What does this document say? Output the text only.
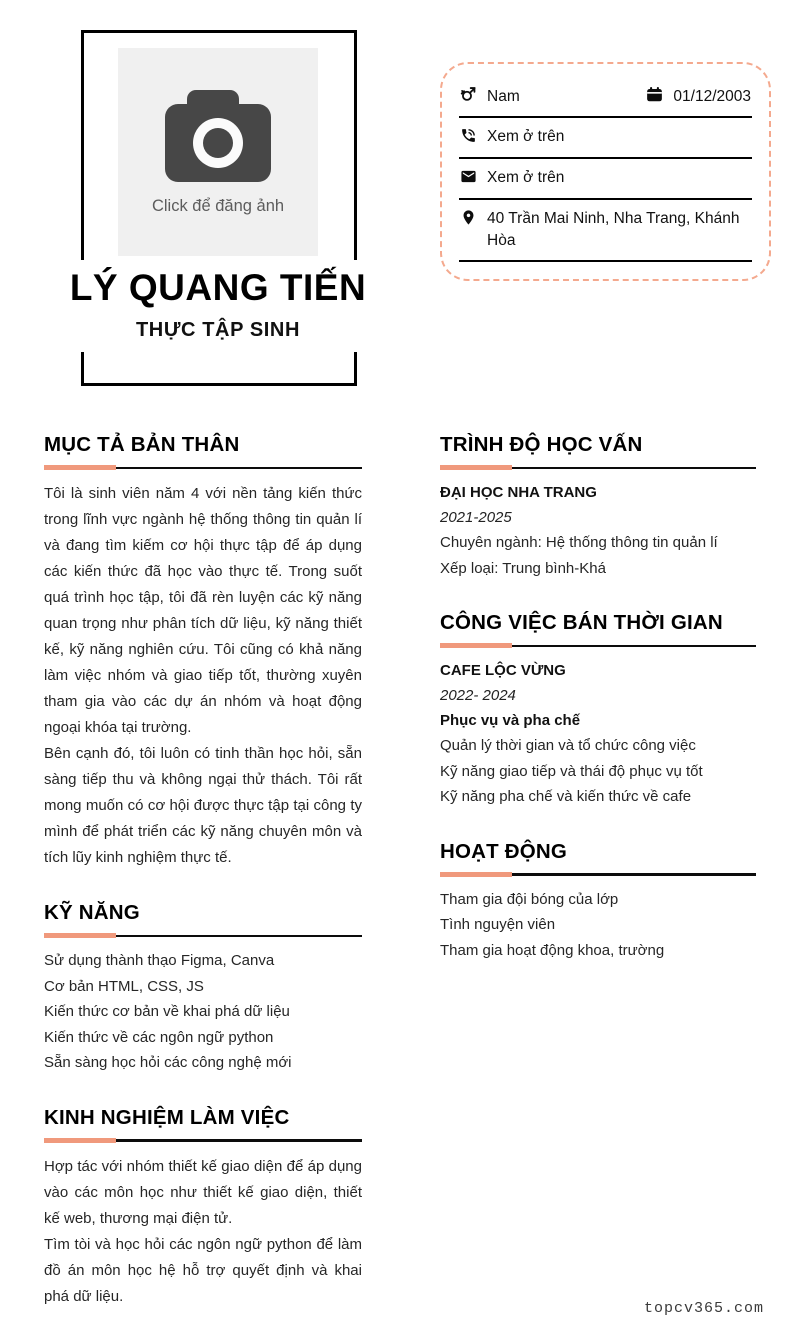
Click để đăng ảnh
LÝ QUANG TIẾN
THỰC TẬP SINH
Nam	01/12/2003
Xem ở trên
Xem ở trên
40 Trần Mai Ninh, Nha Trang, Khánh Hòa
MỤC TẢ BẢN THÂN
Tôi là sinh viên năm 4 với nền tảng kiến thức trong lĩnh vực ngành hệ thống thông tin quản lí và đang tìm kiếm cơ hội thực tập để áp dụng các kiến thức đã học vào thực tế. Trong suốt quá trình học tập, tôi đã rèn luyện các kỹ năng quan trọng như phân tích dữ liệu, kỹ năng thiết kế, kỹ năng nghiên cứu. Tôi cũng có khả năng làm việc nhóm và giao tiếp tốt, thường xuyên tham gia vào các dự án nhóm và hoạt động ngoại khóa tại trường.
Bên cạnh đó, tôi luôn có tinh thần học hỏi, sẵn sàng tiếp thu và không ngại thử thách. Tôi rất mong muốn có cơ hội được thực tập tại công ty mình để phát triển các kỹ năng chuyên môn và tích lũy kinh nghiệm thực tế.
KỸ NĂNG
Sử dụng thành thạo Figma, Canva
Cơ bản HTML, CSS, JS
Kiến thức cơ bản về khai phá dữ liệu
Kiến thức về các ngôn ngữ python
Sẵn sàng học hỏi các công nghệ mới
KINH NGHIỆM LÀM VIỆC
Hợp tác với nhóm thiết kế giao diện để áp dụng vào các môn học như thiết kế giao diện, thiết kế web, thương mại điện tử.
Tìm tòi và học hỏi các ngôn ngữ python để làm đồ án môn học hệ hỗ trợ quyết định và khai phá dữ liệu.
TRÌNH ĐỘ HỌC VẤN
ĐẠI HỌC NHA TRANG
2021-2025
Chuyên ngành: Hệ thống thông tin quản lí
Xếp loại: Trung bình-Khá
CÔNG VIỆC BÁN THỜI GIAN
CAFE LỘC VỪNG
2022- 2024
Phục vụ và pha chế
Quản lý thời gian và tổ chức công việc
Kỹ năng giao tiếp và thái độ phục vụ tốt
Kỹ năng pha chế và kiến thức về cafe
HOẠT ĐỘNG
Tham gia đội bóng của lớp
Tình nguyện viên
Tham gia hoạt động khoa, trường
topcv365.com
